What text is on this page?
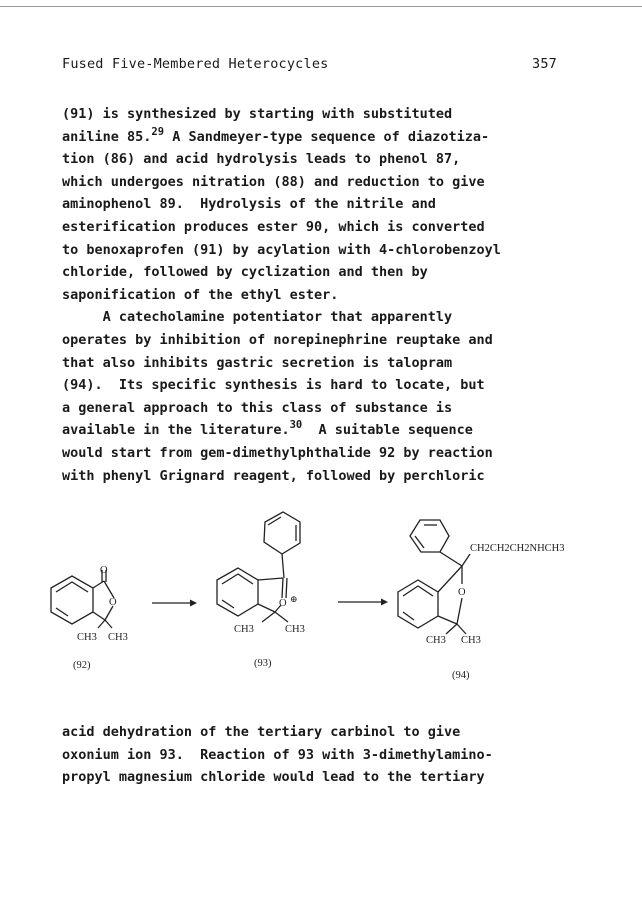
Fused Five-Membered Heterocycles	357
(91) is synthesized by starting with substituted
aniline 85.29 A Sandmeyer-type sequence of diazotiza-
tion (86) and acid hydrolysis leads to phenol 87,
which undergoes nitration (88) and reduction to give
aminophenol 89.  Hydrolysis of the nitrile and
esterification produces ester 90, which is converted
to benoxaprofen (91) by acylation with 4-chlorobenzoyl
chloride, followed by cyclization and then by
saponification of the ethyl ester.
A catecholamine potentiator that apparently
operates by inhibition of norepinephrine reuptake and
that also inhibits gastric secretion is talopram
(94).  Its specific synthesis is hard to locate, but
a general approach to this class of substance is
available in the literature.$^{30}$  A suitable sequence
would start from gem-dimethylphthalide 92 by reaction
with phenyl Grignard reagent, followed by perchloric
O
O
CH3 CH3
(92)
O ⊕
CH3	CH3
(93)
CH2CH2CH2NHCH3
O
CH3 CH3
(94)
acid dehydration of the tertiary carbinol to give
oxonium ion 93.  Reaction of 93 with 3-dimethylamino-
propyl magnesium chloride would lead to the tertiary
